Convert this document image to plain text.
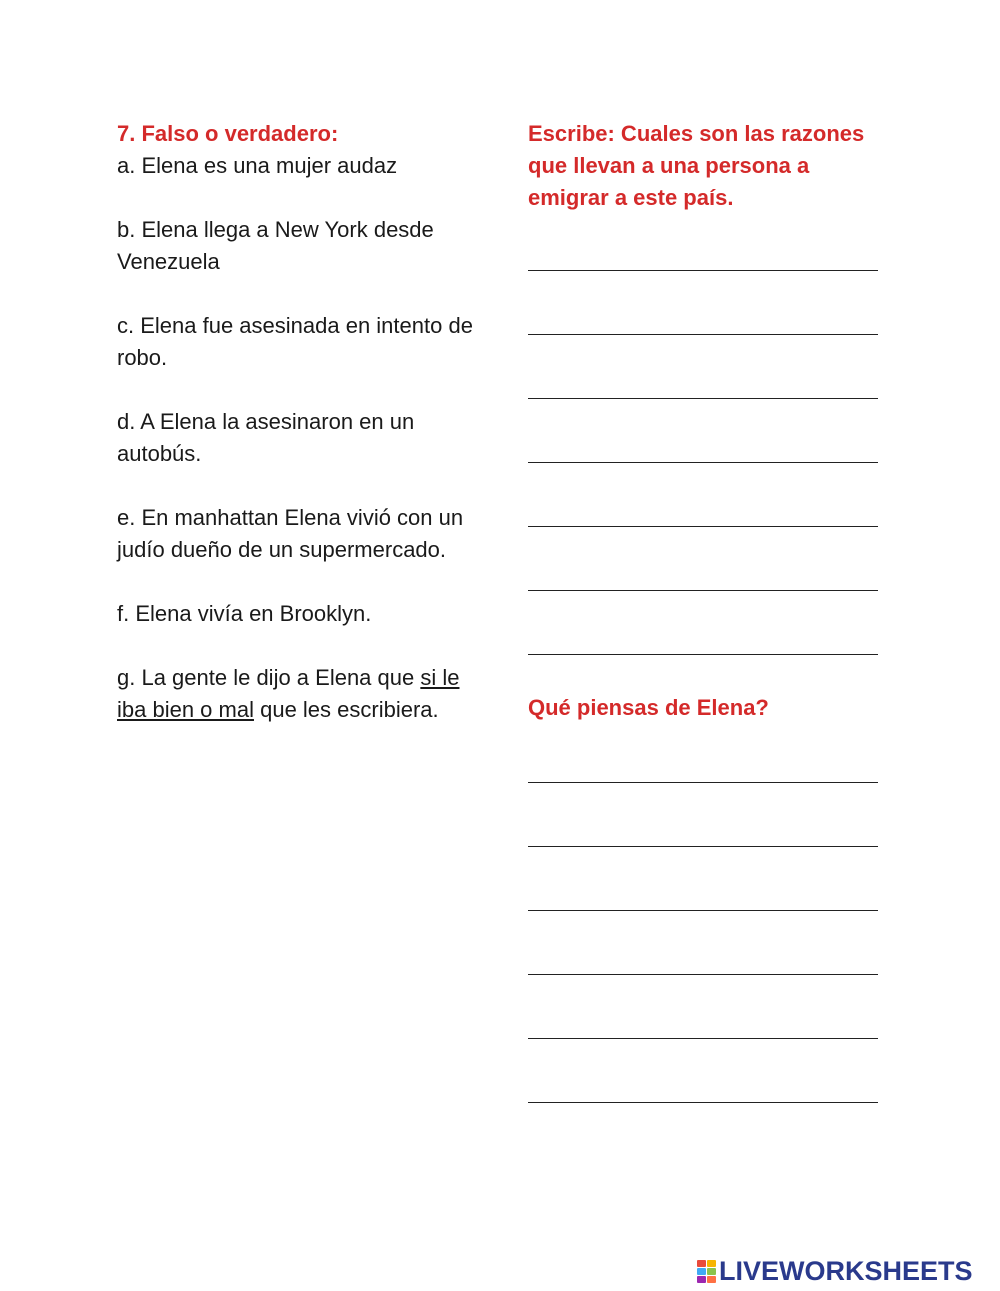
7. Falso o verdadero:

a. Elena es una mujer audaz

b. Elena llega a New York desde Venezuela

c. Elena fue asesinada en intento de robo.

d. A Elena la asesinaron en un autobús.

e. En manhattan Elena vivió con un judío dueño de un supermercado.

f. Elena vivía en Brooklyn.

g. La gente le dijo a Elena que si le iba bien o mal que les escribiera.

Escribe: Cuales son las razones que llevan a una persona a emigrar a este país.
Qué piensas de Elena?
LIVEWORKSHEETS
